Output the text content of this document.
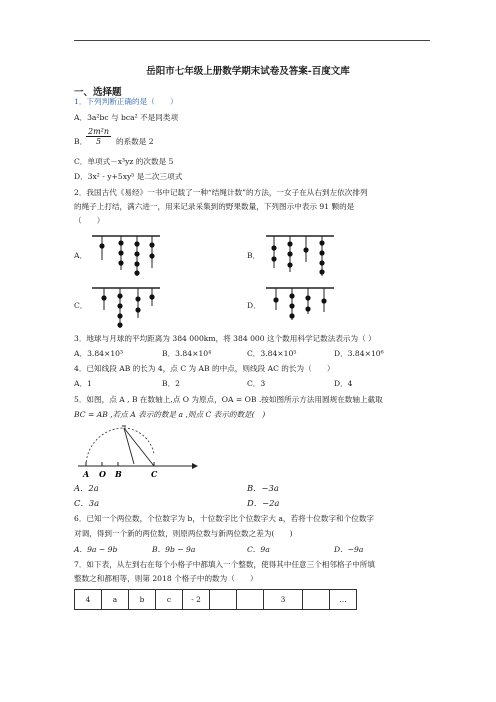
岳阳市七年级上册数学期末试卷及答案-百度文库
一、选择题
1．下列判断正确的是（　　）
A．3a²bc 与 bca² 不是同类项
B．
$\frac{\text{2m²n}}{5}$ 的系数是 2
C．单项式－x³yz 的次数是 5
D．3x² - y+5xy⁵ 是二次三项式
2．我国古代《易经》一书中记载了一种“结绳计数”的方法，一女子在从右到左依次排列
的绳子上打结，满六进一，用来记录采集到的野果数量，下列图示中表示 91 颗的是
（　　）
A．	B．
C．	D．
3．地球与月球的平均距离为 384 000km，将 384 000 这个数用科学记数法表示为（ ）
A．3.84×10³	B．3.84×10⁴	C．3.84×10⁵	D．3.84×10⁶
4．已知线段 AB 的长为 4，点 C 为 AB 的中点，则线段 AC 的长为（　　）
A．1	B．2	C．3	D．4
5．如图，点 A , B 在数轴上,点 O 为原点，OA = OB .按如图所示方法用圆规在数轴上截取
BC = AB ,若点 A 表示的数是 a ,则点 C 表示的数是(　)
A O B	C
A．2a	B．−3a
C．3a	D．−2a
6．已知一个两位数，个位数字为 b，十位数字比个位数字大 a，若将十位数字和个位数字
对调，得到一个新的两位数，则原两位数与新两位数之差为(　　)
A．9a − 9b	B．9b − 9a	C．9a	D．−9a
7．如下表，从左到右在每个小格子中都填入一个整数，使得其中任意三个相邻格子中所填
整数之和都相等，则第 2018 个格子中的数为（　　）
4	a	b	c	- 2			3		…
